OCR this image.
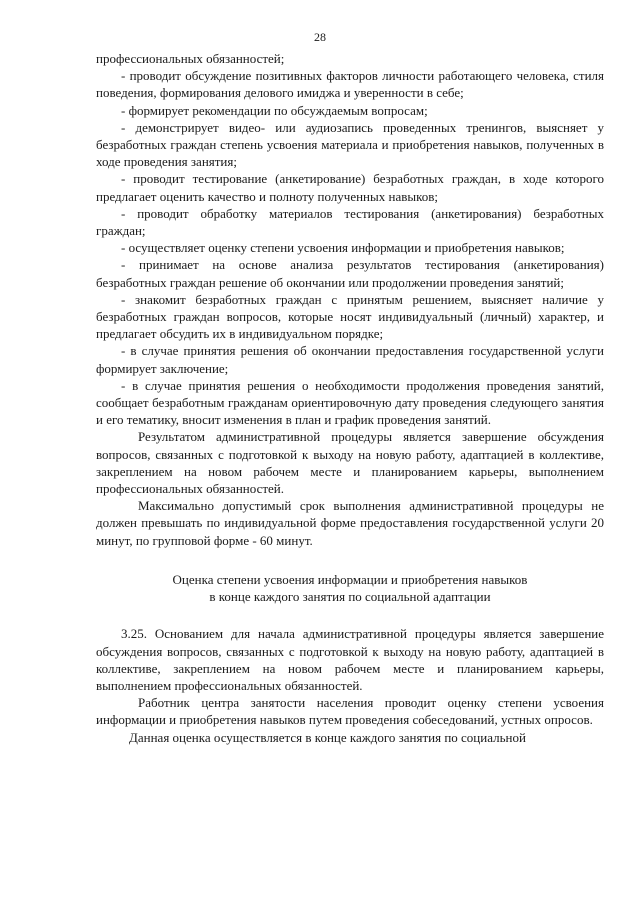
28

профессиональных обязанностей;

- проводит обсуждение позитивных факторов личности работающего человека, стиля поведения, формирования делового имиджа и уверенности в себе;

- формирует рекомендации по обсуждаемым вопросам;

- демонстрирует видео- или аудиозапись проведенных тренингов, выясняет у безработных граждан степень усвоения материала и приобретения навыков, полученных в ходе проведения занятия;

- проводит тестирование (анкетирование) безработных граждан, в ходе которого предлагает оценить качество и полноту полученных навыков;

- проводит обработку материалов тестирования (анкетирования) безработных граждан;

- осуществляет оценку степени усвоения информации и приобретения навыков;

- принимает на основе анализа результатов тестирования (анкетирования) безработных граждан решение об окончании или продолжении проведения занятий;

- знакомит безработных граждан с принятым решением, выясняет наличие у безработных граждан вопросов, которые носят индивидуальный (личный) характер, и предлагает обсудить их в индивидуальном порядке;

- в случае принятия решения об окончании предоставления государственной услуги формирует заключение;

- в случае принятия решения о необходимости продолжения проведения занятий, сообщает безработным гражданам ориентировочную дату проведения следующего занятия и его тематику, вносит изменения в план и график проведения занятий.

Результатом административной процедуры является завершение обсуждения вопросов, связанных с подготовкой к выходу на новую работу, адаптацией в коллективе, закреплением на новом рабочем месте и планированием карьеры, выполнением профессиональных обязанностей.

Максимально допустимый срок выполнения административной процедуры не должен превышать по индивидуальной форме предоставления государственной услуги 20 минут, по групповой форме - 60 минут.

Оценка степени усвоения информации и приобретения навыков
в конце каждого занятия по социальной адаптации

3.25. Основанием для начала административной процедуры является завершение обсуждения вопросов, связанных с подготовкой к выходу на новую работу, адаптацией в коллективе, закреплением на новом рабочем месте и планированием карьеры, выполнением профессиональных обязанностей.

Работник центра занятости населения проводит оценку степени усвоения информации и приобретения навыков путем проведения собеседований, устных опросов.

Данная оценка осуществляется в конце каждого занятия по социальной
